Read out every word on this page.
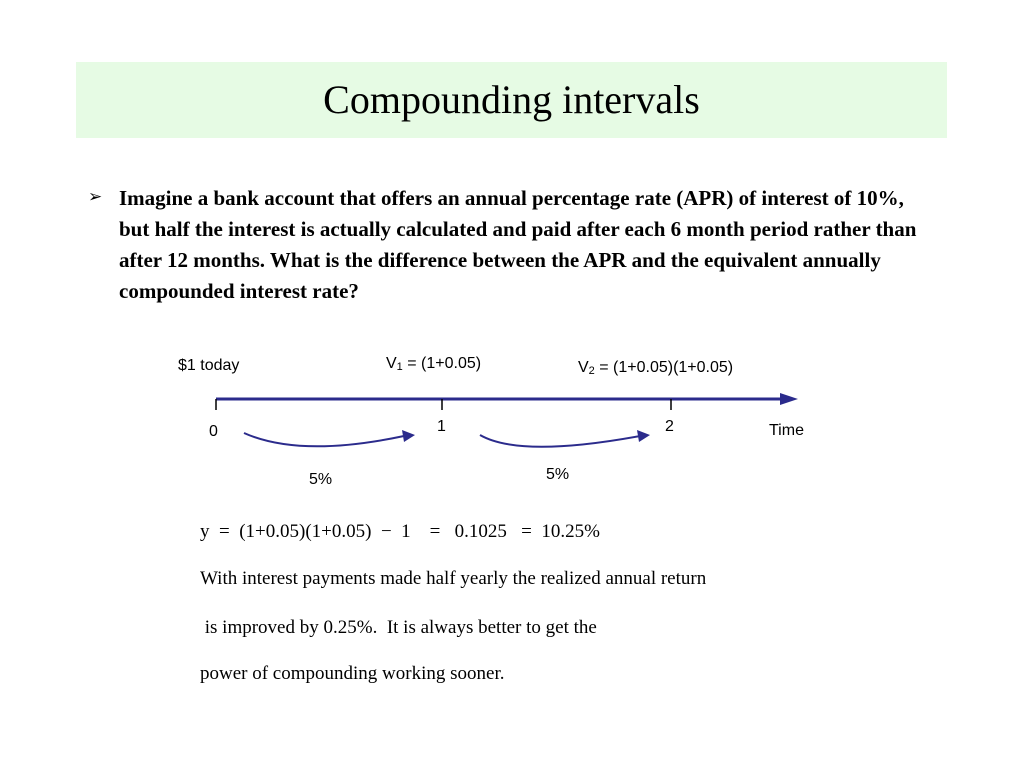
Compounding intervals
➢ Imagine a bank account that offers an annual percentage rate (APR) of interest of 10%, but half the interest is actually calculated and paid after each 6 month period rather than after 12 months. What is the difference between the APR and the equivalent annually compounded interest rate?
$1 today	V1 = (1+0.05)	V2 = (1+0.05)(1+0.05)
0	1	2	Time
5%	5%
y  =  (1+0.05)(1+0.05)  −  1    =   0.1025   =  10.25%
With interest payments made half yearly the realized annual return
is improved by 0.25%.  It is always better to get the
power of compounding working sooner.
